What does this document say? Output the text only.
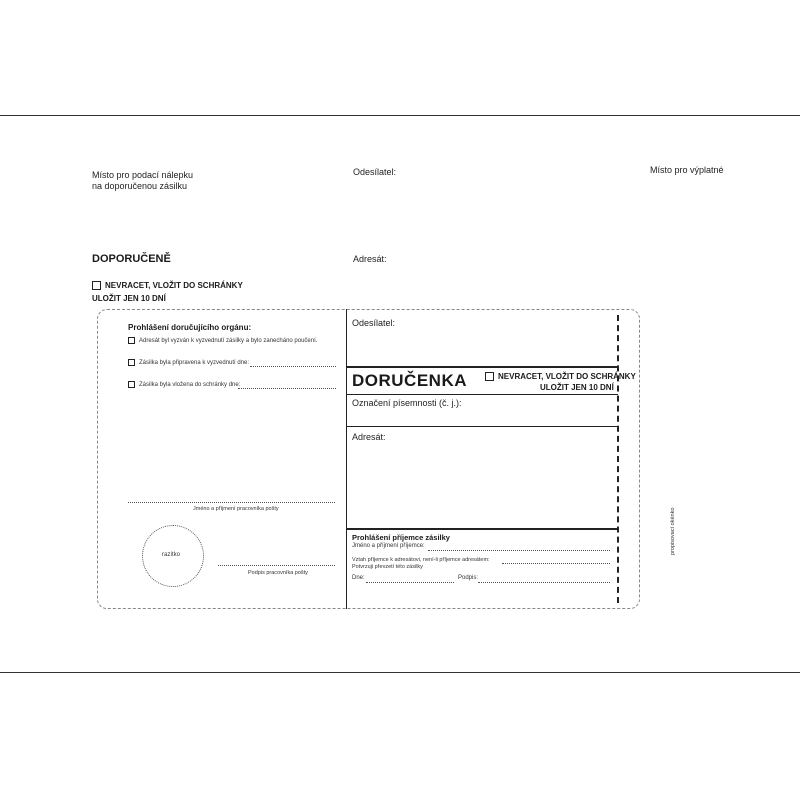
Místo pro podací nálepku
na doporučenou zásilku
Odesílatel:	Místo pro výplatné
DOPORUČENĚ	Adresát:
NEVRACET, VLOŽIT DO SCHRÁNKY
ULOŽIT JEN 10 DNÍ
Prohlášení doručujícího orgánu:
Adresát byl vyzván k vyzvednutí zásilky a bylo zanecháno poučení.
Zásilka byla připravena k vyzvednutí dne:
Zásilka byla vložena do schránky dne:
Jméno a příjmení pracovníka pošty
razítko
Podpis pracovníka pošty
Odesílatel:
DORUČENKA	NEVRACET, VLOŽIT DO SCHRÁNKY
ULOŽIT JEN 10 DNÍ
Označení písemnosti (č. j.):
Adresát:
Prohlášení příjemce zásilky
Jméno a příjmení příjemce:
Vztah příjemce k adresátovi, není-li příjemce adresátem:
Potvrzuji převzetí této zásilky
Dne:	Podpis:
propisovací okénko
